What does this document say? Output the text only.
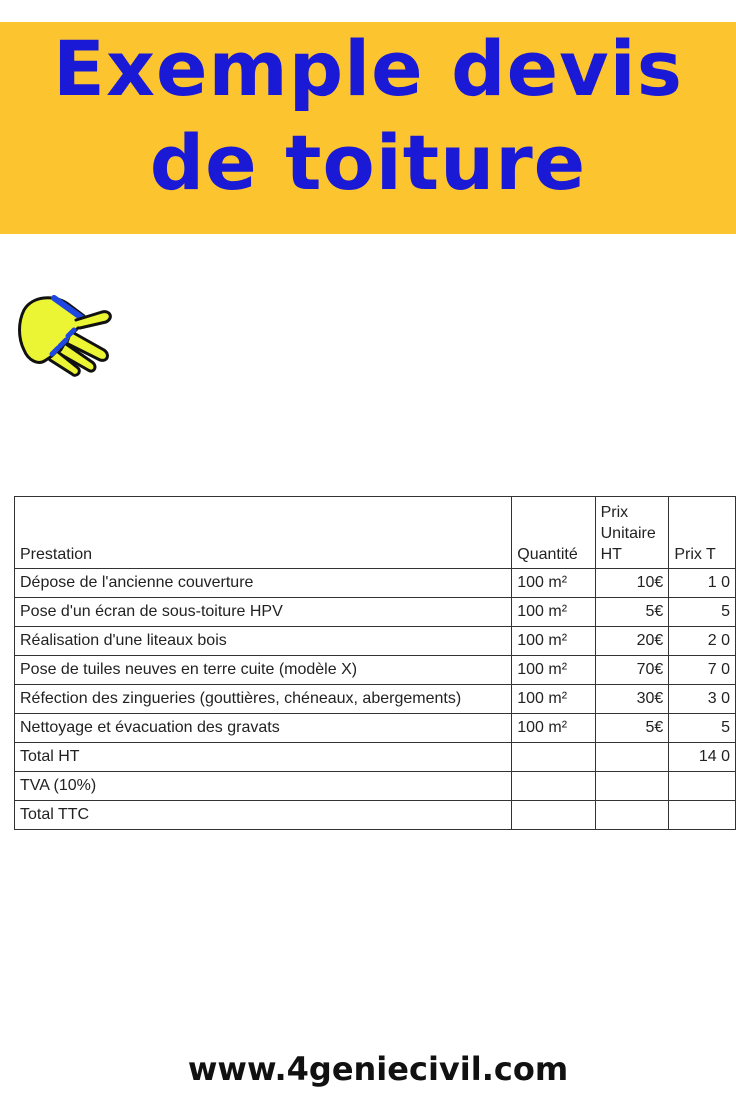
Exemple devis
de toiture
Prestation	Quantité	Prix Unitaire HT	Prix T
Dépose de l'ancienne couverture	100 m²	10€	1 0
Pose d'un écran de sous-toiture HPV	100 m²	5€	5
Réalisation d'une liteaux bois	100 m²	20€	2 0
Pose de tuiles neuves en terre cuite (modèle X)	100 m²	70€	7 0
Réfection des zingueries (gouttières, chéneaux, abergements)	100 m²	30€	3 0
Nettoyage et évacuation des gravats	100 m²	5€	5
Total HT			14 0
TVA (10%)			
Total TTC			
www.4geniecivil.com
